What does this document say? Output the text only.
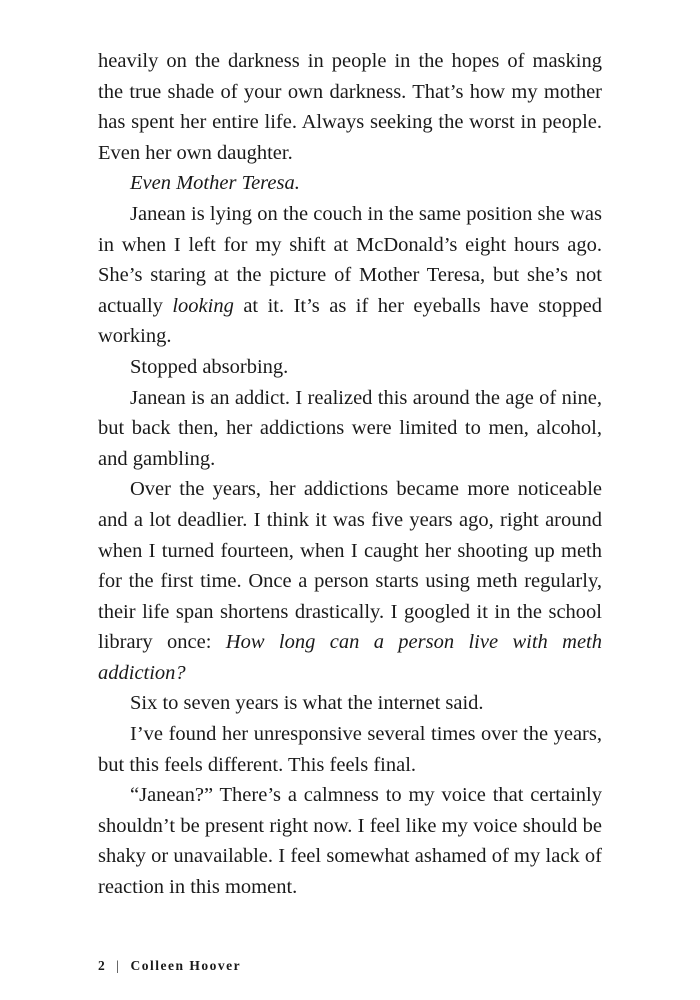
heavily on the darkness in people in the hopes of masking the true shade of your own darkness. That’s how my mother has spent her entire life. Always seeking the worst in people. Even her own daughter.

Even Mother Teresa.

Janean is lying on the couch in the same position she was in when I left for my shift at McDonald’s eight hours ago. She’s staring at the picture of Mother Teresa, but she’s not actually looking at it. It’s as if her eyeballs have stopped working.

Stopped absorbing.

Janean is an addict. I realized this around the age of nine, but back then, her addictions were limited to men, alcohol, and gambling.

Over the years, her addictions became more noticeable and a lot deadlier. I think it was five years ago, right around when I turned fourteen, when I caught her shooting up meth for the first time. Once a person starts using meth regularly, their life span shortens drastically. I googled it in the school library once: How long can a person live with meth addiction?

Six to seven years is what the internet said.

I’ve found her unresponsive several times over the years, but this feels different. This feels final.

“Janean?” There’s a calmness to my voice that certainly shouldn’t be present right now. I feel like my voice should be shaky or unavailable. I feel somewhat ashamed of my lack of reaction in this moment.

2 | Colleen Hoover
